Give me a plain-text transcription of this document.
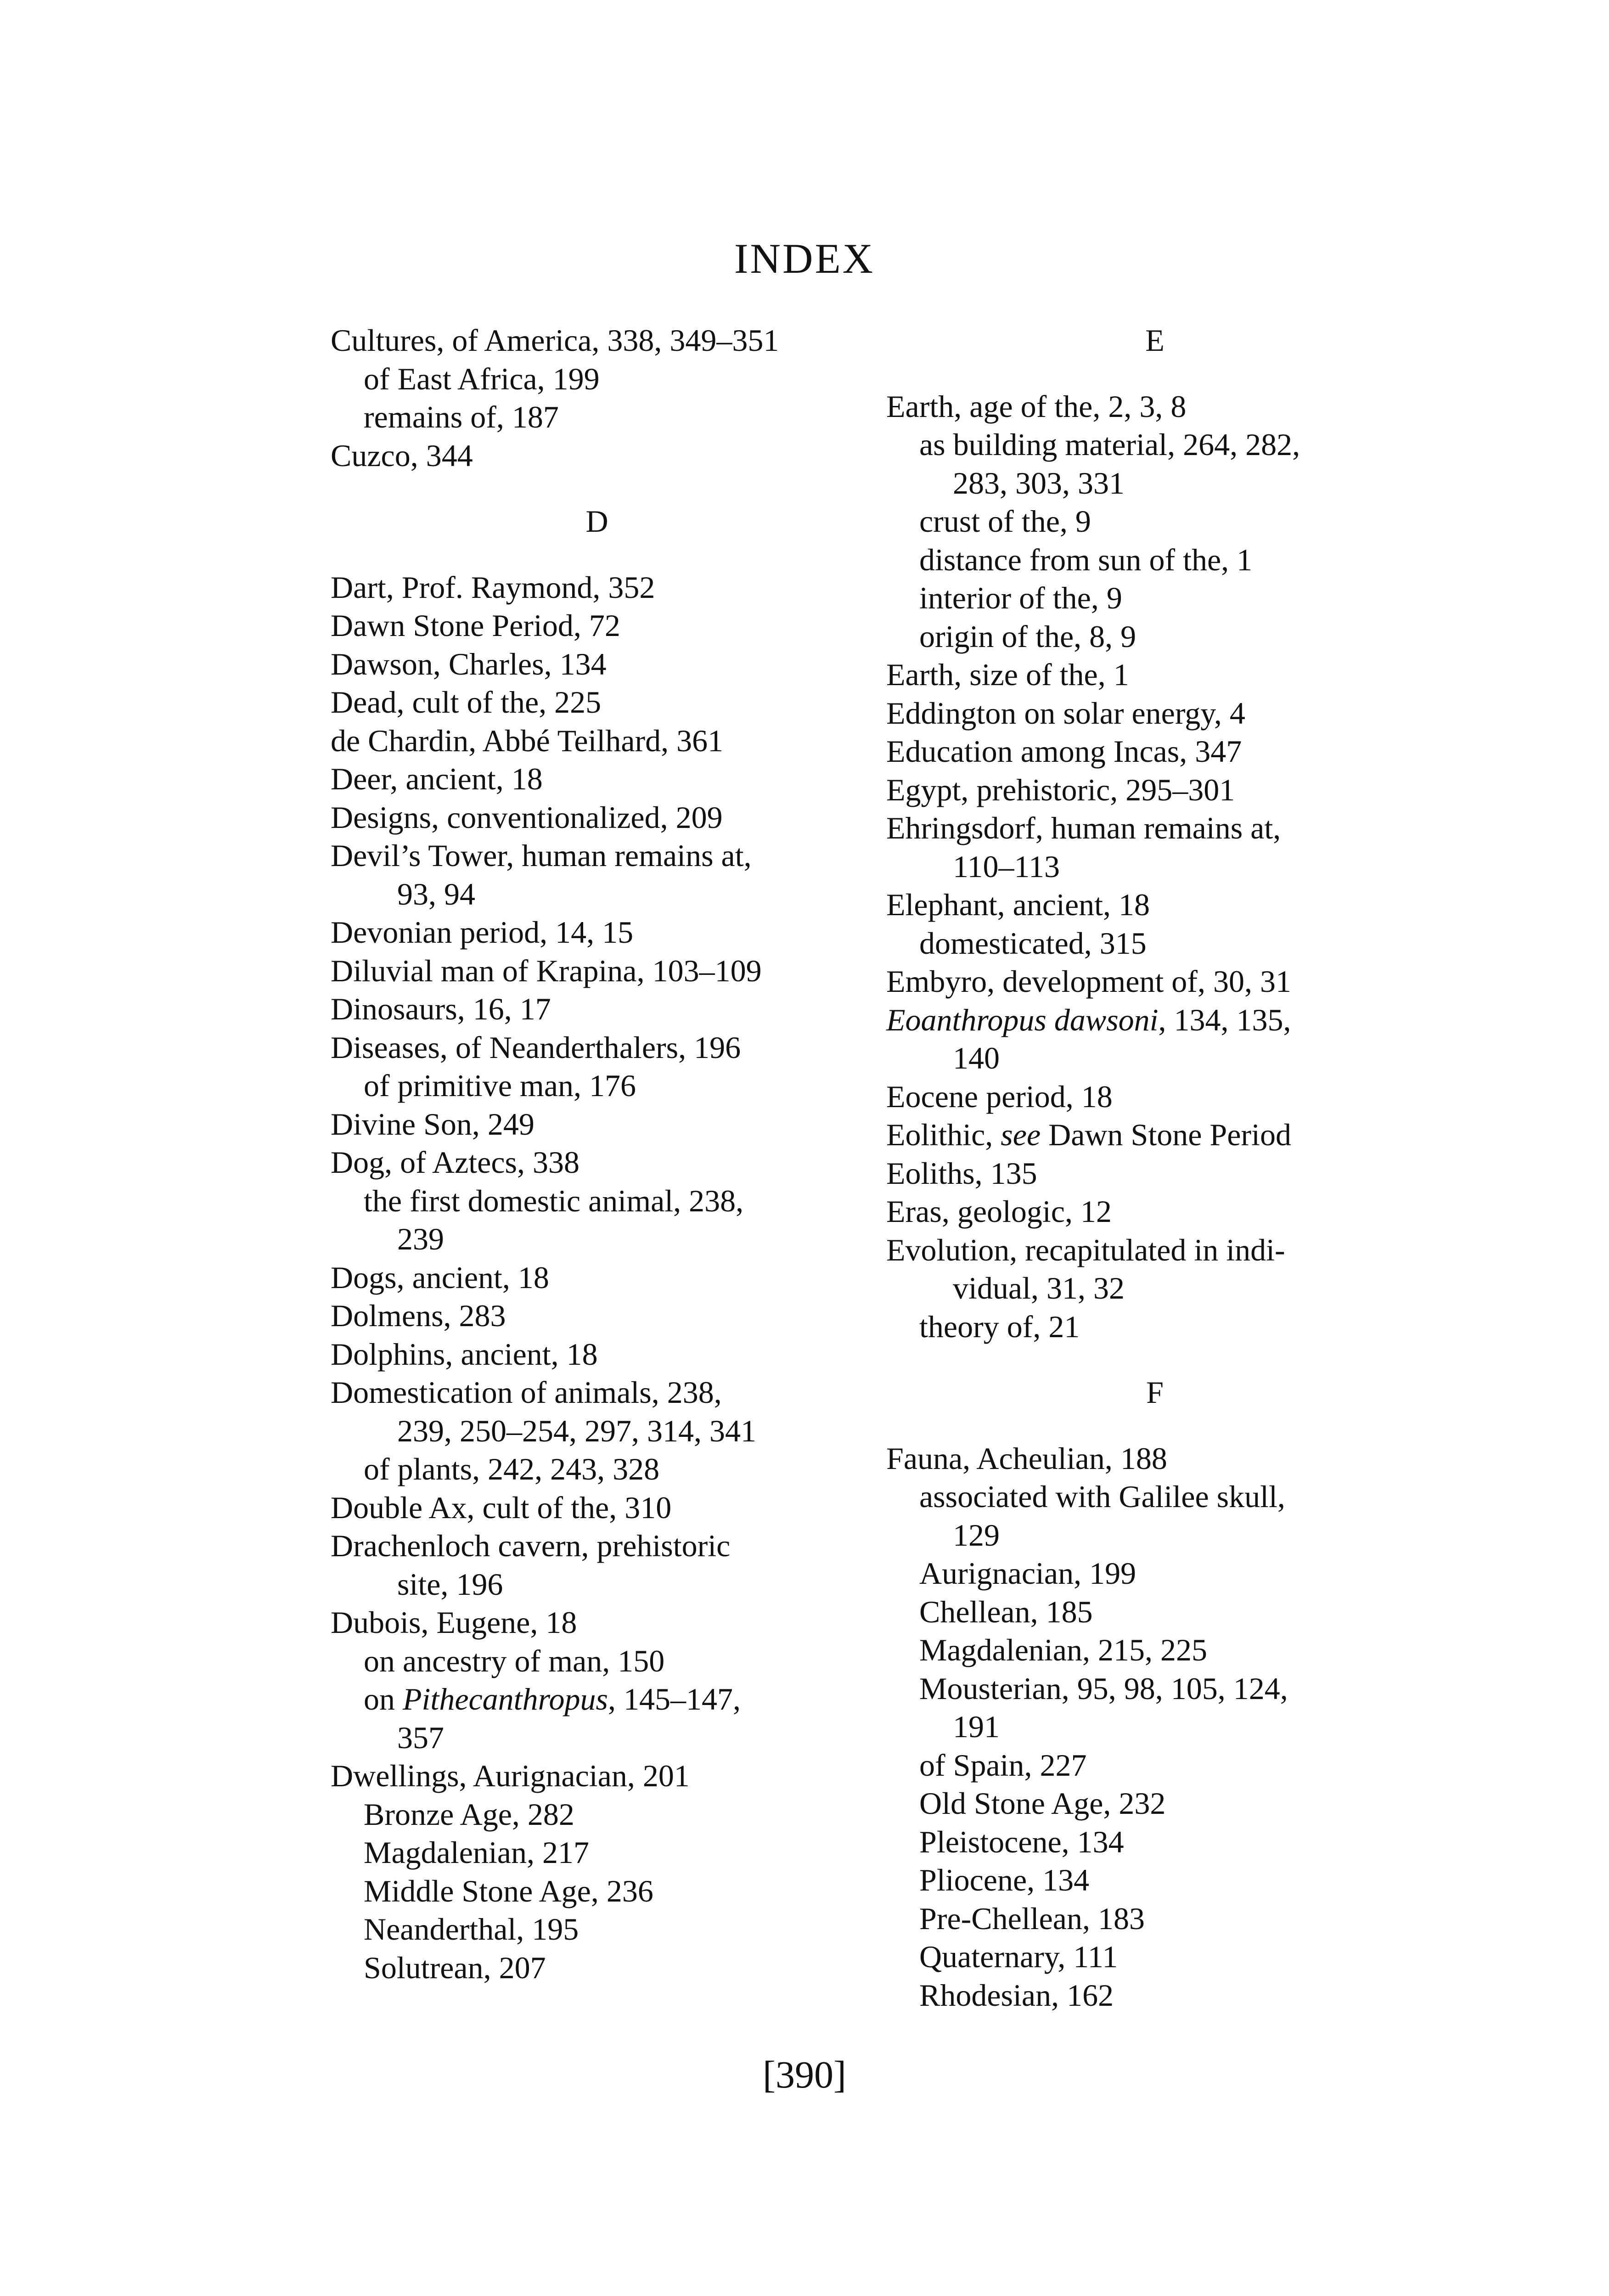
INDEX
Cultures, of America, 338, 349–351
of East Africa, 199
remains of, 187
Cuzco, 344
D
Dart, Prof. Raymond, 352
Dawn Stone Period, 72
Dawson, Charles, 134
Dead, cult of the, 225
de Chardin, Abbé Teilhard, 361
Deer, ancient, 18
Designs, conventionalized, 209
Devil’s Tower, human remains at,
93, 94
Devonian period, 14, 15
Diluvial man of Krapina, 103–109
Dinosaurs, 16, 17
Diseases, of Neanderthalers, 196
of primitive man, 176
Divine Son, 249
Dog, of Aztecs, 338
the first domestic animal, 238,
239
Dogs, ancient, 18
Dolmens, 283
Dolphins, ancient, 18
Domestication of animals, 238,
239, 250–254, 297, 314, 341
of plants, 242, 243, 328
Double Ax, cult of the, 310
Drachenloch cavern, prehistoric
site, 196
Dubois, Eugene, 18
on ancestry of man, 150
on Pithecanthropus, 145–147,
357
Dwellings, Aurignacian, 201
Bronze Age, 282
Magdalenian, 217
Middle Stone Age, 236
Neanderthal, 195
Solutrean, 207
E
Earth, age of the, 2, 3, 8
as building material, 264, 282,
283, 303, 331
crust of the, 9
distance from sun of the, 1
interior of the, 9
origin of the, 8, 9
Earth, size of the, 1
Eddington on solar energy, 4
Education among Incas, 347
Egypt, prehistoric, 295–301
Ehringsdorf, human remains at,
110–113
Elephant, ancient, 18
domesticated, 315
Embyro, development of, 30, 31
Eoanthropus dawsoni, 134, 135,
140
Eocene period, 18
Eolithic, see Dawn Stone Period
Eoliths, 135
Eras, geologic, 12
Evolution, recapitulated in indi-
vidual, 31, 32
theory of, 21
F
Fauna, Acheulian, 188
associated with Galilee skull,
129
Aurignacian, 199
Chellean, 185
Magdalenian, 215, 225
Mousterian, 95, 98, 105, 124,
191
of Spain, 227
Old Stone Age, 232
Pleistocene, 134
Pliocene, 134
Pre-Chellean, 183
Quaternary, 111
Rhodesian, 162
[390]
